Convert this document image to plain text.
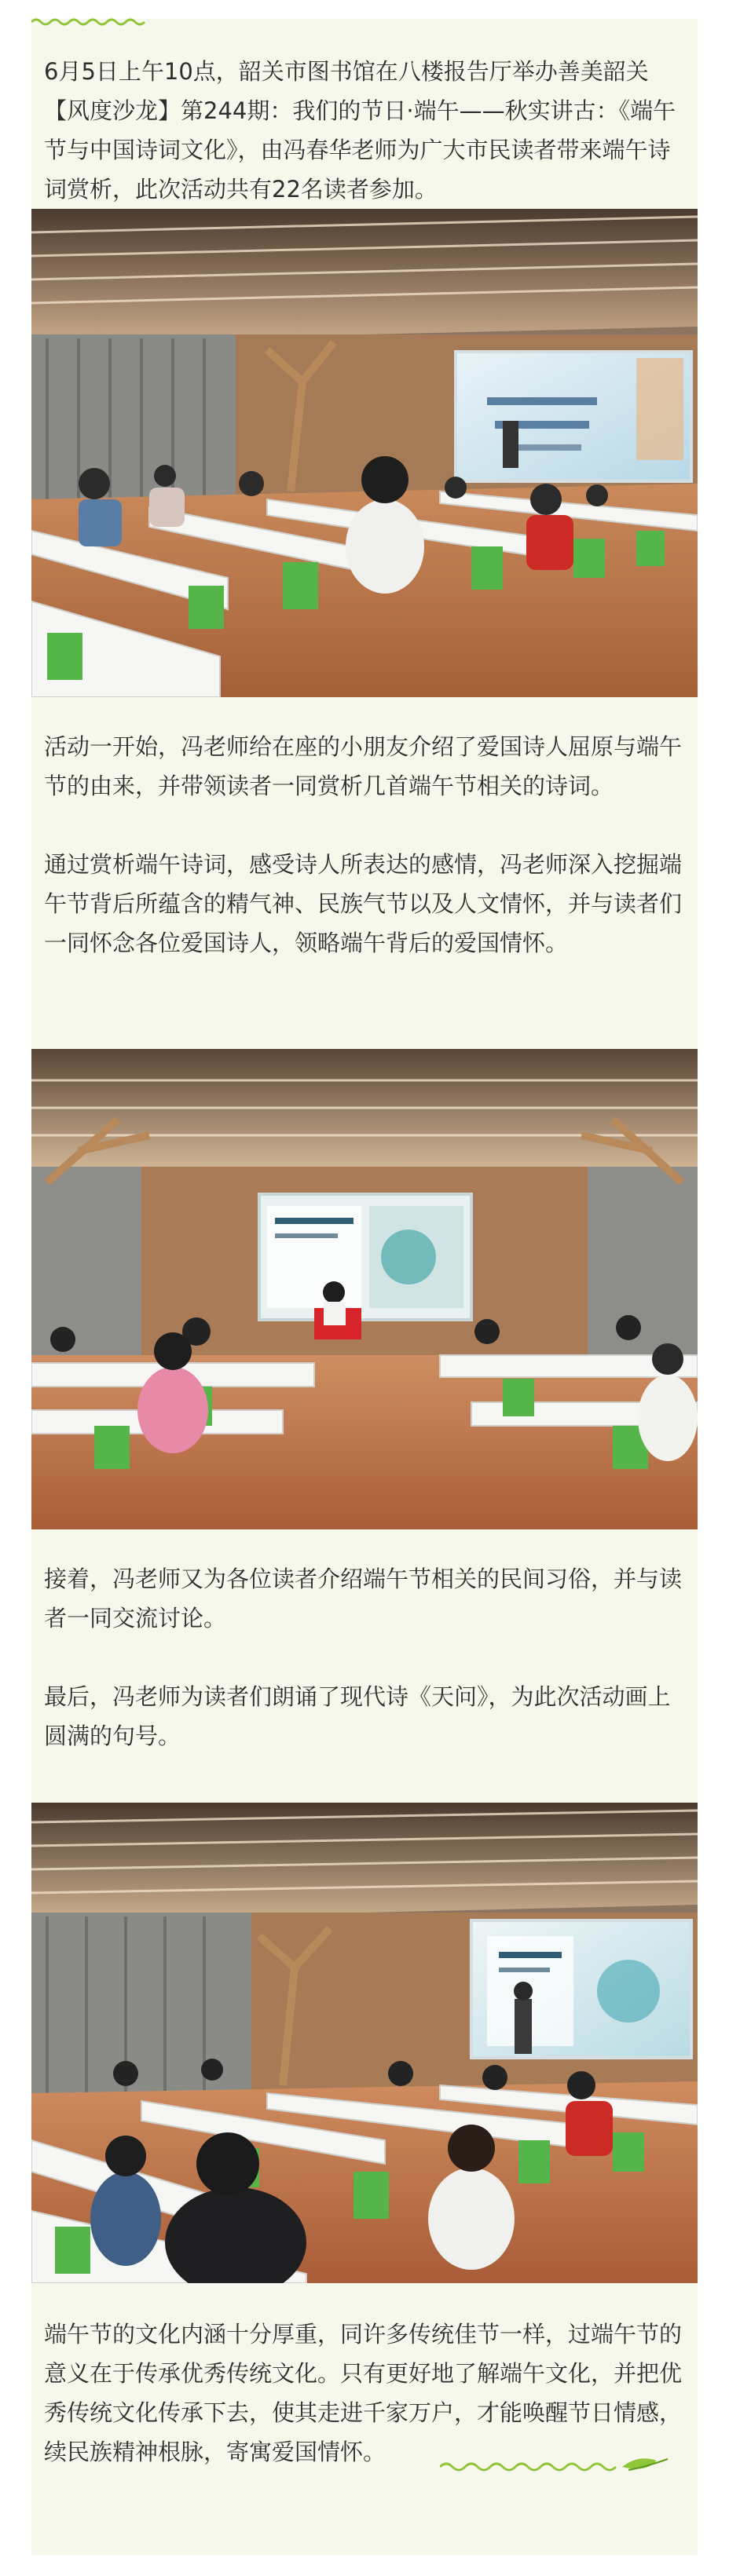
6月5日上午10点，韶关市图书馆在八楼报告厅举办善美韶关【风度沙龙】第244期：我们的节日·端午——秋实讲古：《端午节与中国诗词文化》，由冯春华老师为广大市民读者带来端午诗词赏析，此次活动共有22名读者参加。

活动一开始，冯老师给在座的小朋友介绍了爱国诗人屈原与端午节的由来，并带领读者一同赏析几首端午节相关的诗词。

通过赏析端午诗词，感受诗人所表达的感情，冯老师深入挖掘端午节背后所蕴含的精气神、民族气节以及人文情怀，并与读者们一同怀念各位爱国诗人，领略端午背后的爱国情怀。

接着，冯老师又为各位读者介绍端午节相关的民间习俗，并与读者一同交流讨论。

最后，冯老师为读者们朗诵了现代诗《天问》，为此次活动画上圆满的句号。

端午节的文化内涵十分厚重，同许多传统佳节一样，过端午节的意义在于传承优秀传统文化。只有更好地了解端午文化，并把优秀传统文化传承下去，使其走进千家万户，才能唤醒节日情感，续民族精神根脉，寄寓爱国情怀。
